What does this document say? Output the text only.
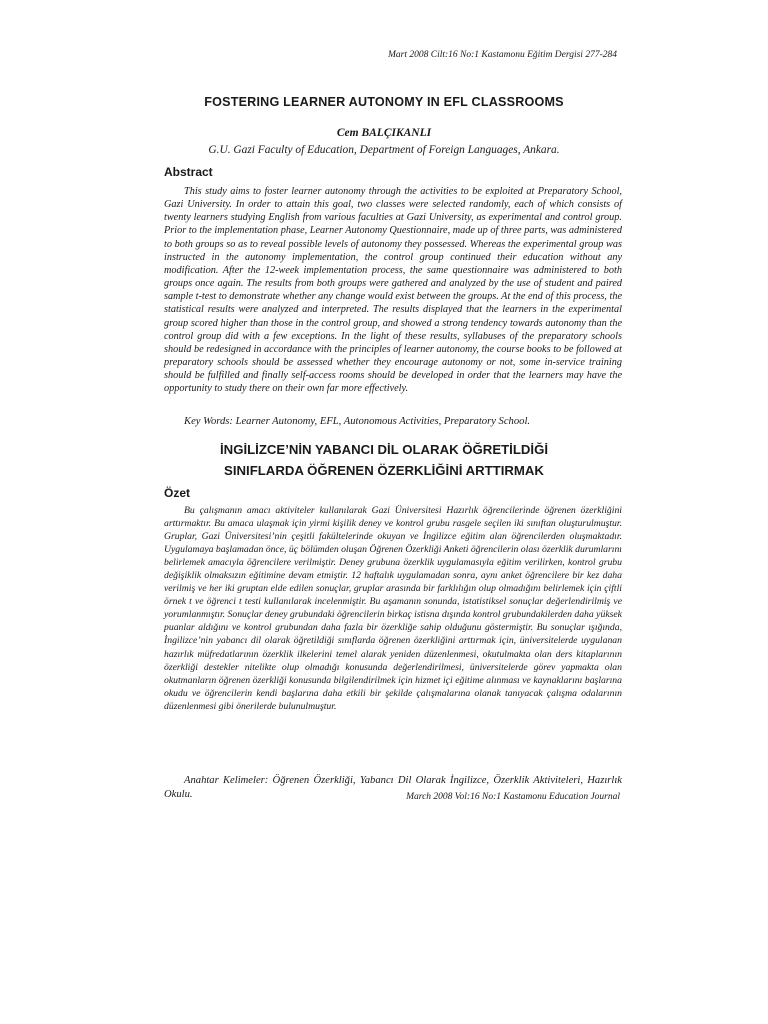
Mart 2008 Cilt:16 No:1 Kastamonu Eğitim Dergisi 277-284
FOSTERING LEARNER AUTONOMY IN EFL CLASSROOMS
Cem BALÇIKANLI
G.U. Gazi Faculty of Education, Department of Foreign Languages, Ankara.
Abstract

This study aims to foster learner autonomy through the activities to be exploited at Preparatory School, Gazi University. In order to attain this goal, two classes were selected randomly, each of which consists of twenty learners studying English from various faculties at Gazi University, as experimental and control group. Prior to the implementation phase, Learner Autonomy Questionnaire, made up of three parts, was administered to both groups so as to reveal possible levels of autonomy they possessed. Whereas the experimental group was instructed in the autonomy implementation, the control group continued their education without any modification. After the 12-week implementation process, the same questionnaire was administered to both groups once again. The results from both groups were gathered and analyzed by the use of student and paired sample t-test to demonstrate whether any change would exist between the groups. At the end of this process, the statistical results were analyzed and interpreted. The results displayed that the learners in the experimental group scored higher than those in the control group, and showed a strong tendency towards autonomy than the control group did with a few exceptions. In the light of these results, syllabuses of the preparatory schools should be redesigned in accordance with the principles of learner autonomy, the course books to be followed at preparatory schools should be assessed whether they encourage autonomy or not, some in-service training should be fulfilled and finally self-access rooms should be developed in order that the learners may have the opportunity to study there on their own far more effectively.

Key Words: Learner Autonomy, EFL, Autonomous Activities, Preparatory School.

İNGİLİZCE’NİN YABANCI DİL OLARAK ÖĞRETİLDİĞİ
SINIFLARDA ÖĞRENEN ÖZERKLİĞİNİ ARTTIRMAK
Özet

Bu çalışmanın amacı aktiviteler kullanılarak Gazi Üniversitesi Hazırlık öğrencilerinde öğrenen özerkliğini arttırmaktır. Bu amaca ulaşmak için yirmi kişilik deney ve kontrol grubu rasgele seçilen iki sınıftan oluşturulmuştur. Gruplar, Gazi Üniversitesi’nin çeşitli fakültelerinde okuyan ve İngilizce eğitim alan öğrencilerden oluşmaktadır. Uygulamaya başlamadan önce, üç bölümden oluşan Öğrenen Özerkliği Anketi öğrencilerin olası özerklik durumlarını belirlemek amacıyla öğrencilere verilmiştir. Deney grubuna özerklik uygulamasıyla eğitim verilirken, kontrol grubu değişiklik olmaksızın eğitimine devam etmiştir. 12 haftalık uygulamadan sonra, aynı anket öğrencilere bir kez daha verilmiş ve her iki gruptan elde edilen sonuçlar, gruplar arasında bir farklılığın olup olmadığını belirlemek için çiftli örnek t ve öğrenci t testi kullanılarak incelenmiştir. Bu aşamanın sonunda, istatistiksel sonuçlar değerlendirilmiş ve yorumlanmıştır. Sonuçlar deney grubundaki öğrencilerin birkaç istisna dışında kontrol grubundakilerden daha yüksek puanlar aldığını ve kontrol grubundan daha fazla bir özerkliğe sahip olduğunu göstermiştir. Bu sonuçlar ışığında, İngilizce’nin yabancı dil olarak öğretildiği sınıflarda öğrenen özerkliğini arttırmak için, üniversitelerde uygulanan hazırlık müfredatlarının özerklik ilkelerini temel alarak yeniden düzenlenmesi, okutulmakta olan ders kitaplarının özerkliği destekler nitelikte olup olmadığı konusunda değerlendirilmesi, üniversitelerde görev yapmakta olan okutmanların öğrenen özerkliği konusunda bilgilendirilmek için hizmet içi eğitime alınması ve kaynaklarını başlarına okudu ve öğrencilerin kendi başlarına daha etkili bir şekilde çalışmalarına olanak tanıyacak çalışma odalarının düzenlenmesi gibi önerilerde bulunulmuştur.

Anahtar Kelimeler: Öğrenen Özerkliği, Yabancı Dil Olarak İngilizce, Özerklik Aktiviteleri, Hazırlık Okulu.	March 2008 Vol:16 No:1 Kastamonu Education Journal
